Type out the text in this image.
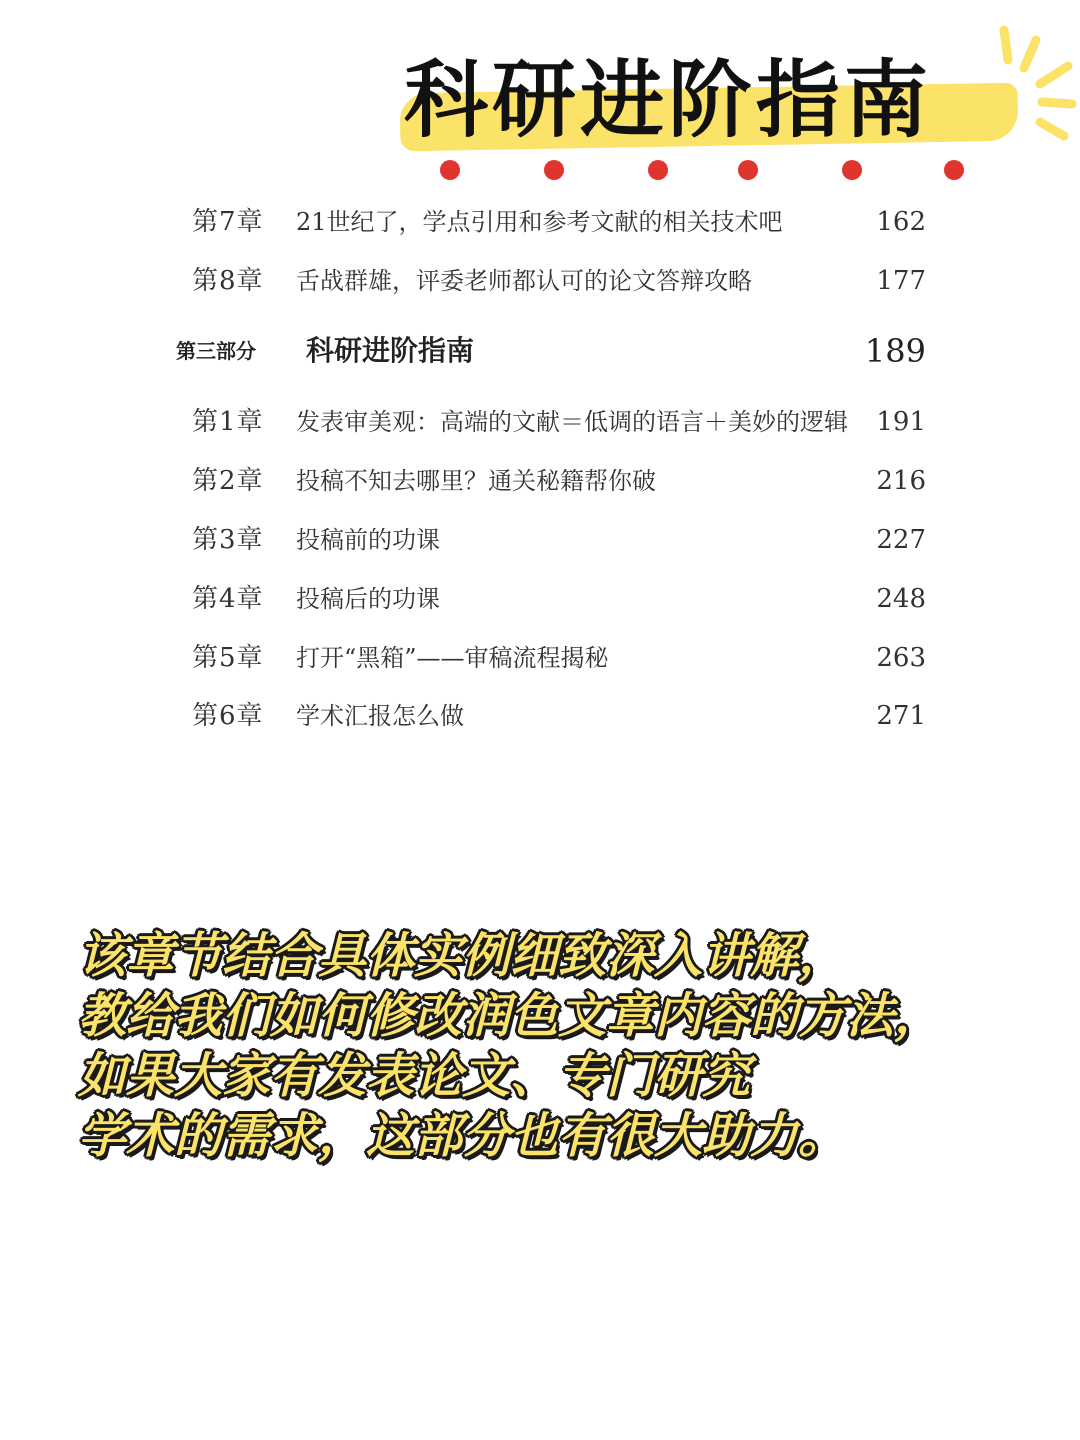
科研进阶指南
第7章 21世纪了，学点引用和参考文献的相关技术吧	162
第8章 舌战群雄，评委老师都认可的论文答辩攻略	177
第三部分 科研进阶指南	189
第1章 发表审美观：高端的文献＝低调的语言＋美妙的逻辑 191
第2章 投稿不知去哪里？通关秘籍帮你破	216
第3章 投稿前的功课	227
第4章 投稿后的功课	248
第5章 打开“黑箱”——审稿流程揭秘	263
第6章 学术汇报怎么做	271
该章节结合具体实例细致深入讲解，
教给我们如何修改润色文章内容的方法，
如果大家有发表论文、专门研究
学术的需求，这部分也有很大助力。
